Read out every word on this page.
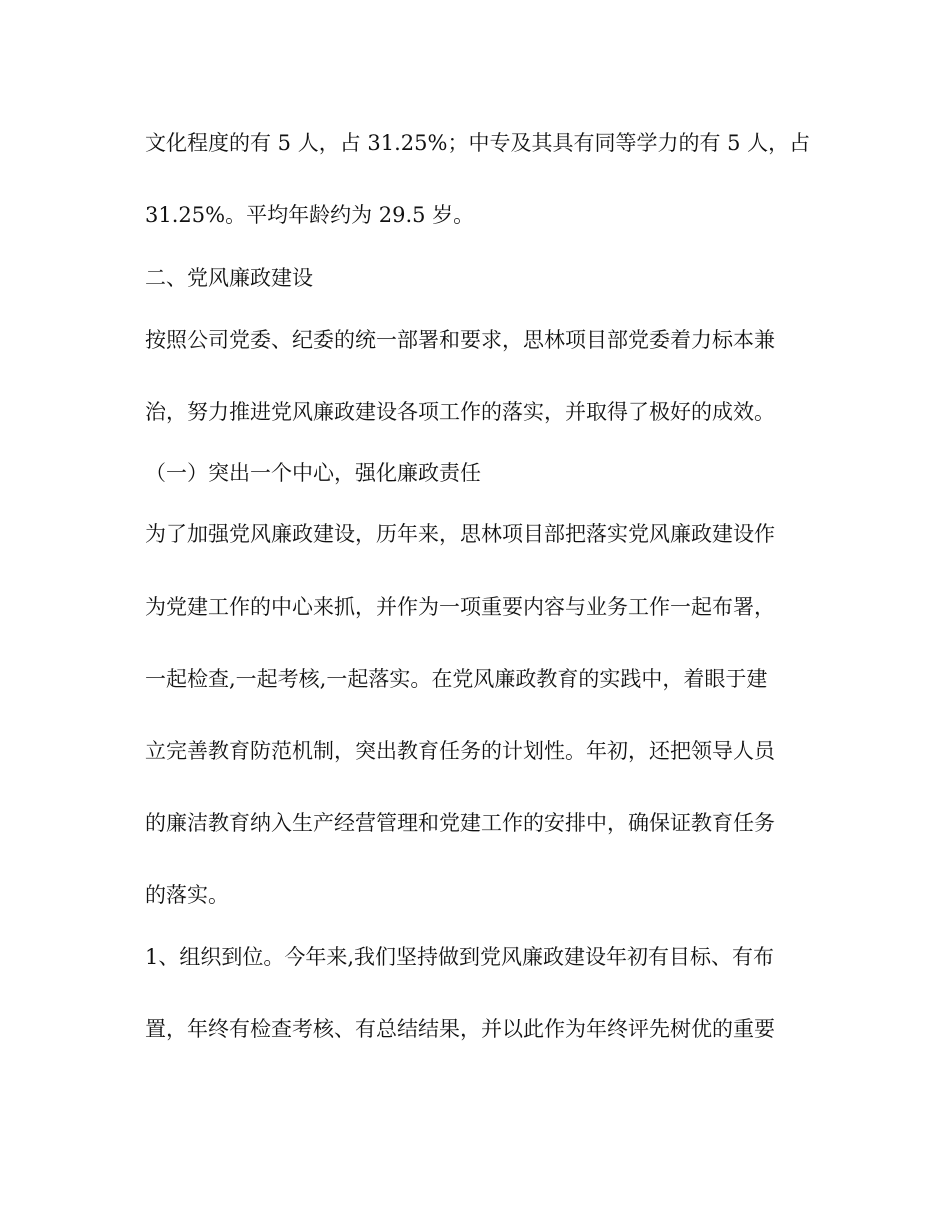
文化程度的有 5 人，占 31.25%；中专及其具有同等学力的有 5 人，占
31.25%。平均年龄约为 29.5 岁。
二、党风廉政建设
按照公司党委、纪委的统一部署和要求，思林项目部党委着力标本兼
治，努力推进党风廉政建设各项工作的落实，并取得了极好的成效。
（一）突出一个中心，强化廉政责任
为了加强党风廉政建设，历年来，思林项目部把落实党风廉政建设作
为党建工作的中心来抓，并作为一项重要内容与业务工作一起布署，
一起检查,一起考核,一起落实。在党风廉政教育的实践中，着眼于建
立完善教育防范机制，突出教育任务的计划性。年初，还把领导人员
的廉洁教育纳入生产经营管理和党建工作的安排中，确保证教育任务
的落实。
1、组织到位。今年来,我们坚持做到党风廉政建设年初有目标、有布
置，年终有检查考核、有总结结果，并以此作为年终评先树优的重要
